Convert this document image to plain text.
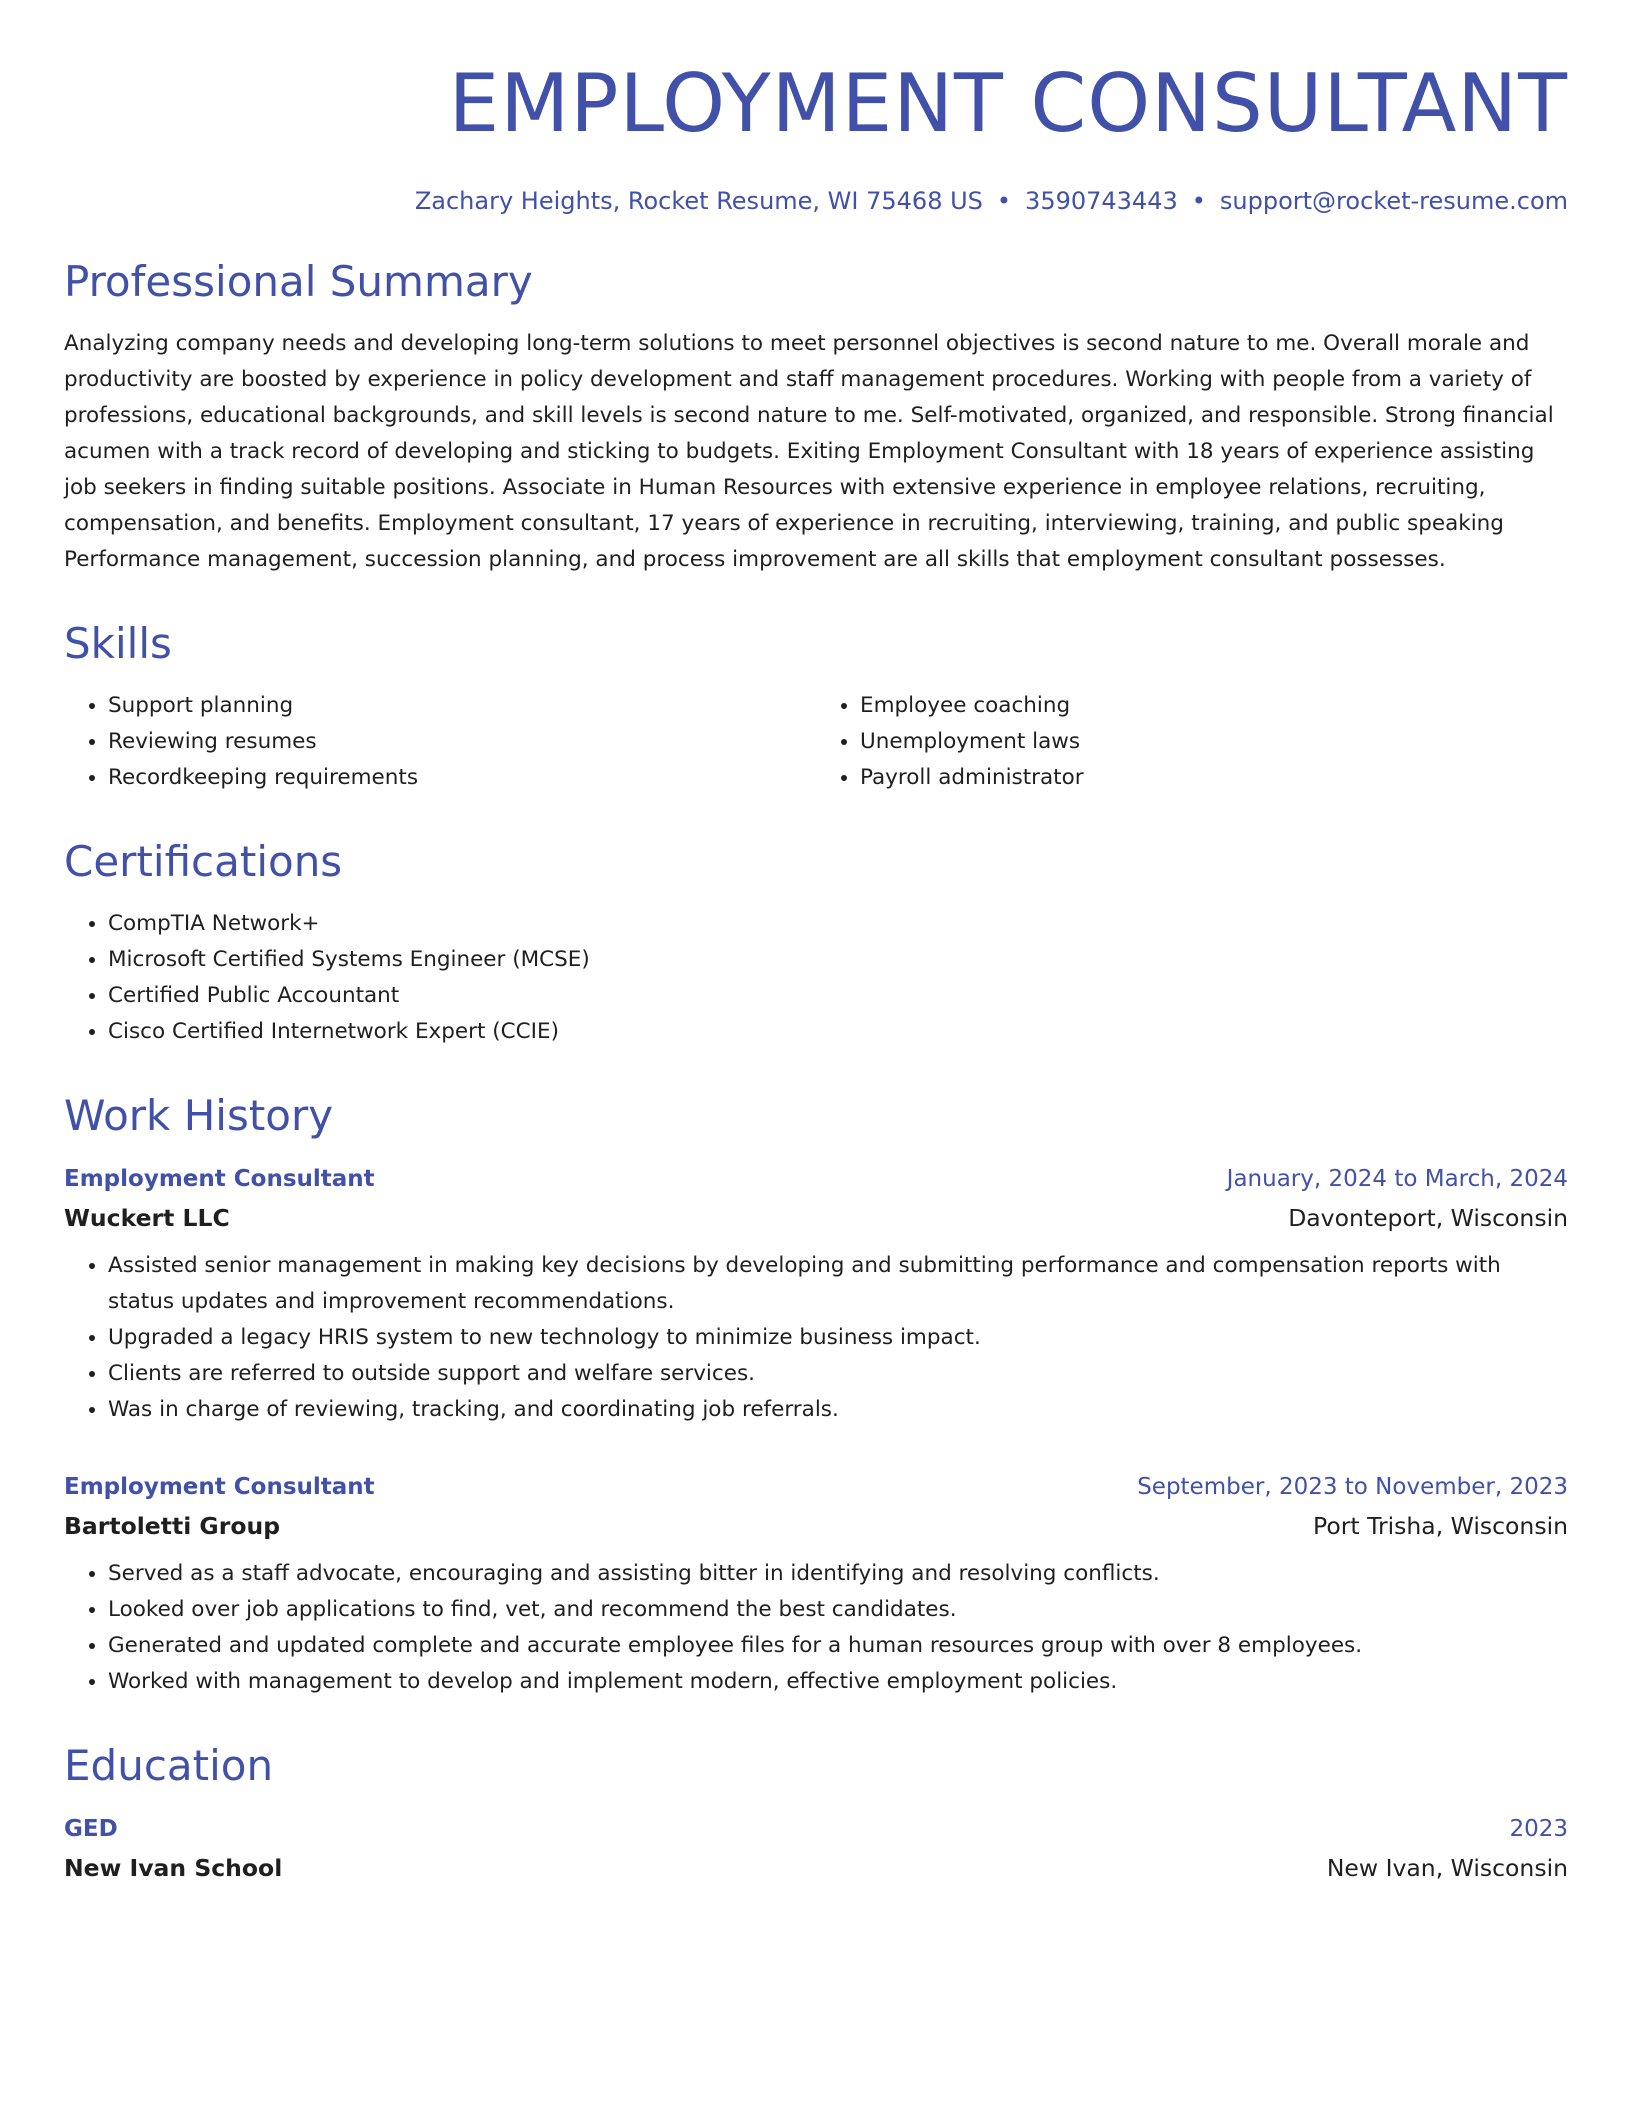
EMPLOYMENT CONSULTANT
Zachary Heights, Rocket Resume, WI 75468 US • 3590743443 • support@rocket-resume.com
Professional Summary

Analyzing company needs and developing long-term solutions to meet personnel objectives is second nature to me. Overall morale and productivity are boosted by experience in policy development and staff management procedures. Working with people from a variety of professions, educational backgrounds, and skill levels is second nature to me. Self-motivated, organized, and responsible. Strong financial acumen with a track record of developing and sticking to budgets. Exiting Employment Consultant with 18 years of experience assisting job seekers in finding suitable positions. Associate in Human Resources with extensive experience in employee relations, recruiting, compensation, and benefits. Employment consultant, 17 years of experience in recruiting, interviewing, training, and public speaking Performance management, succession planning, and process improvement are all skills that employment consultant possesses.

Skills
• Support planning
• Reviewing resumes
• Recordkeeping requirements
• Employee coaching
• Unemployment laws
• Payroll administrator
Certifications
• CompTIA Network+
• Microsoft Certified Systems Engineer (MCSE)
• Certified Public Accountant
• Cisco Certified Internetwork Expert (CCIE)
Work History
Employment Consultant	January, 2024 to March, 2024
Wuckert LLC	Davonteport, Wisconsin
• Assisted senior management in making key decisions by developing and submitting performance and compensation reports with status updates and improvement recommendations.
• Upgraded a legacy HRIS system to new technology to minimize business impact.
• Clients are referred to outside support and welfare services.
• Was in charge of reviewing, tracking, and coordinating job referrals.
Employment Consultant	September, 2023 to November, 2023
Bartoletti Group	Port Trisha, Wisconsin
• Served as a staff advocate, encouraging and assisting bitter in identifying and resolving conflicts.
• Looked over job applications to find, vet, and recommend the best candidates.
• Generated and updated complete and accurate employee files for a human resources group with over 8 employees.
• Worked with management to develop and implement modern, effective employment policies.
Education
GED	2023
New Ivan School	New Ivan, Wisconsin
